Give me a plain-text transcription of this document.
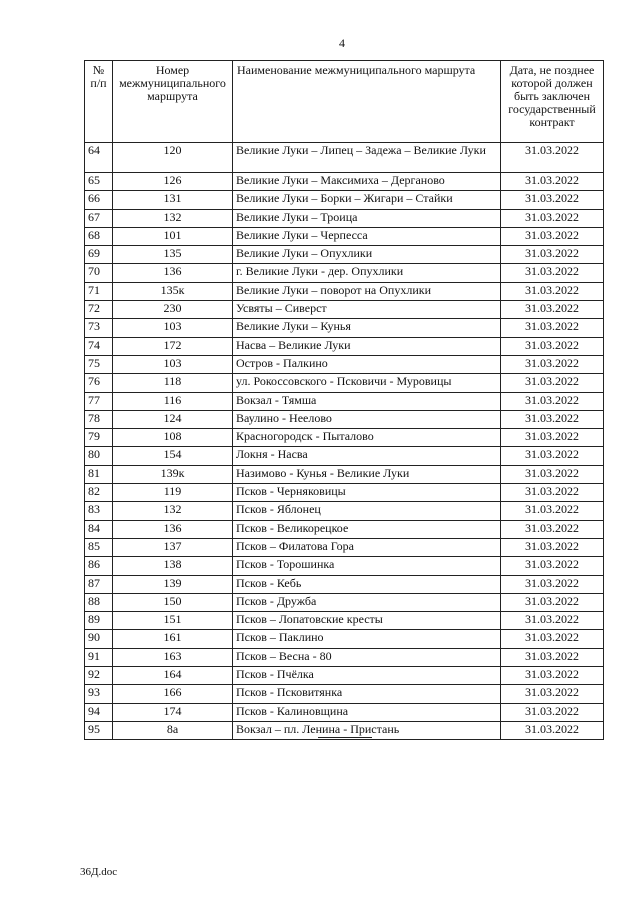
4
№ п/п	Номер межмуниципального маршрута	Наименование межмуниципального маршрута	Дата, не позднее которой должен быть заключен государственный контракт
64	120	Великие Луки – Липец – Задежа – Великие Луки	31.03.2022
65	126	Великие Луки – Максимиха – Дерганово	31.03.2022
66	131	Великие Луки – Борки – Жигари – Стайки	31.03.2022
67	132	Великие Луки – Троица	31.03.2022
68	101	Великие Луки – Черпесса	31.03.2022
69	135	Великие Луки – Опухлики	31.03.2022
70	136	г. Великие Луки - дер. Опухлики	31.03.2022
71	135к	Великие Луки – поворот на Опухлики	31.03.2022
72	230	Усвяты – Сиверст	31.03.2022
73	103	Великие Луки – Кунья	31.03.2022
74	172	Насва – Великие Луки	31.03.2022
75	103	Остров - Палкино	31.03.2022
76	118	ул. Рокоссовского - Псковичи - Муровицы	31.03.2022
77	116	Вокзал - Тямша	31.03.2022
78	124	Ваулино - Неелово	31.03.2022
79	108	Красногородск - Пыталово	31.03.2022
80	154	Локня - Насва	31.03.2022
81	139к	Назимово - Кунья - Великие Луки	31.03.2022
82	119	Псков - Черняковицы	31.03.2022
83	132	Псков - Яблонец	31.03.2022
84	136	Псков - Великорецкое	31.03.2022
85	137	Псков – Филатова Гора	31.03.2022
86	138	Псков - Торошинка	31.03.2022
87	139	Псков - Кебь	31.03.2022
88	150	Псков - Дружба	31.03.2022
89	151	Псков – Лопатовские кресты	31.03.2022
90	161	Псков – Паклино	31.03.2022
91	163	Псков – Весна - 80	31.03.2022
92	164	Псков - Пчёлка	31.03.2022
93	166	Псков - Псковитянка	31.03.2022
94	174	Псков - Калиновщина	31.03.2022
95	8а	Вокзал – пл. Ленина - Пристань	31.03.2022
36Д.doc
